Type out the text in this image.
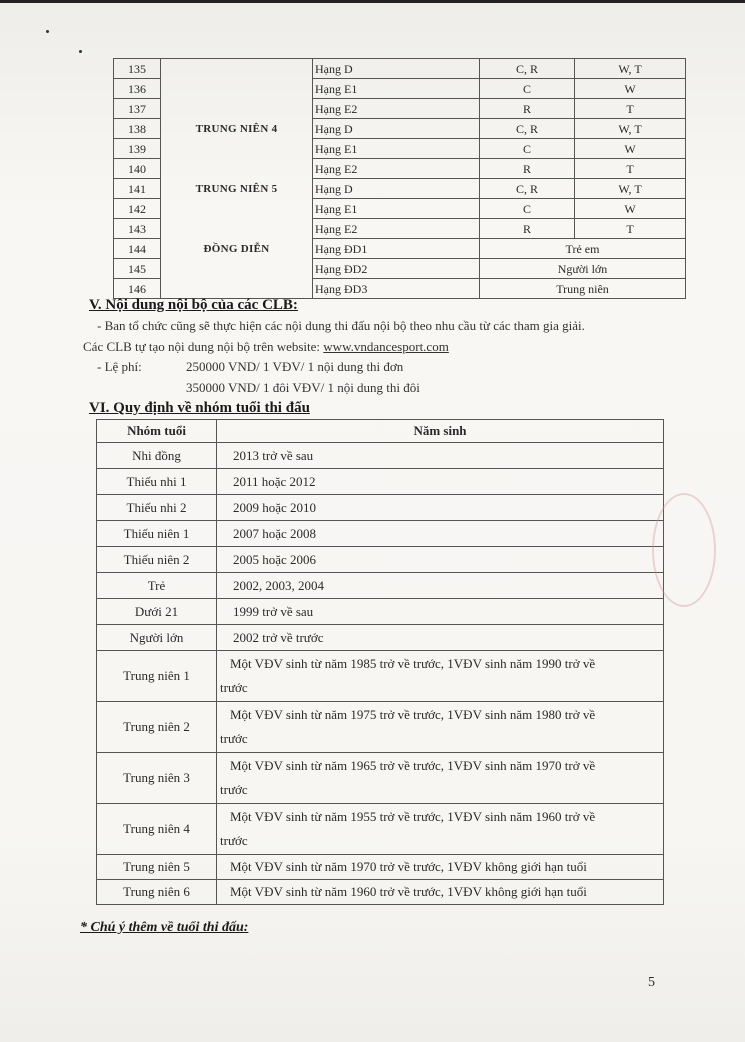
135		Hạng D	C, R	W, T
136		Hạng E1	C	W
137		Hạng E2	R	T
138	TRUNG NIÊN 4	Hạng D	C, R	W, T
139		Hạng E1	C	W
140		Hạng E2	R	T
141	TRUNG NIÊN 5	Hạng D	C, R	W, T
142		Hạng E1	C	W
143		Hạng E2	R	T
144	ĐỒNG DIỄN	Hạng ĐD1	Trẻ em	
145		Hạng ĐD2	Người lớn	
146		Hạng ĐD3	Trung niên	
V. Nội dung nội bộ của các CLB:
- Ban tổ chức cũng sẽ thực hiện các nội dung thi đấu nội bộ theo nhu cầu từ các tham gia giải.
Các CLB tự tạo nội dung nội bộ trên website: www.vndancesport.com
- Lệ phí:	250000 VND/ 1 VĐV/ 1 nội dung thi đơn
350000 VND/ 1 đôi VĐV/ 1 nội dung thi đôi
VI. Quy định về nhóm tuổi thi đấu
Nhóm tuổi	Năm sinh
Nhi đồng	2013 trở về sau
Thiếu nhi 1	2011 hoặc 2012
Thiếu nhi 2	2009 hoặc 2010
Thiếu niên 1	2007 hoặc 2008
Thiếu niên 2	2005 hoặc 2006
Trẻ	2002, 2003, 2004
Dưới 21	1999 trở về sau
Người lớn	2002 trở về trước
Trung niên 1	Một VĐV sinh từ năm 1985 trở về trước, 1VĐV sinh năm 1990 trở về
trước

Trung niên 2	Một VĐV sinh từ năm 1975 trở về trước, 1VĐV sinh năm 1980 trở về
trước

Trung niên 3	Một VĐV sinh từ năm 1965 trở về trước, 1VĐV sinh năm 1970 trở về
trước

Trung niên 4	Một VĐV sinh từ năm 1955 trở về trước, 1VĐV sinh năm 1960 trở về
trước

Trung niên 5	Một VĐV sinh từ năm 1970 trở về trước, 1VĐV không giới hạn tuổi

Trung niên 6	Một VĐV sinh từ năm 1960 trở về trước, 1VĐV không giới hạn tuổi
* Chú ý thêm về tuổi thi đấu:
5
